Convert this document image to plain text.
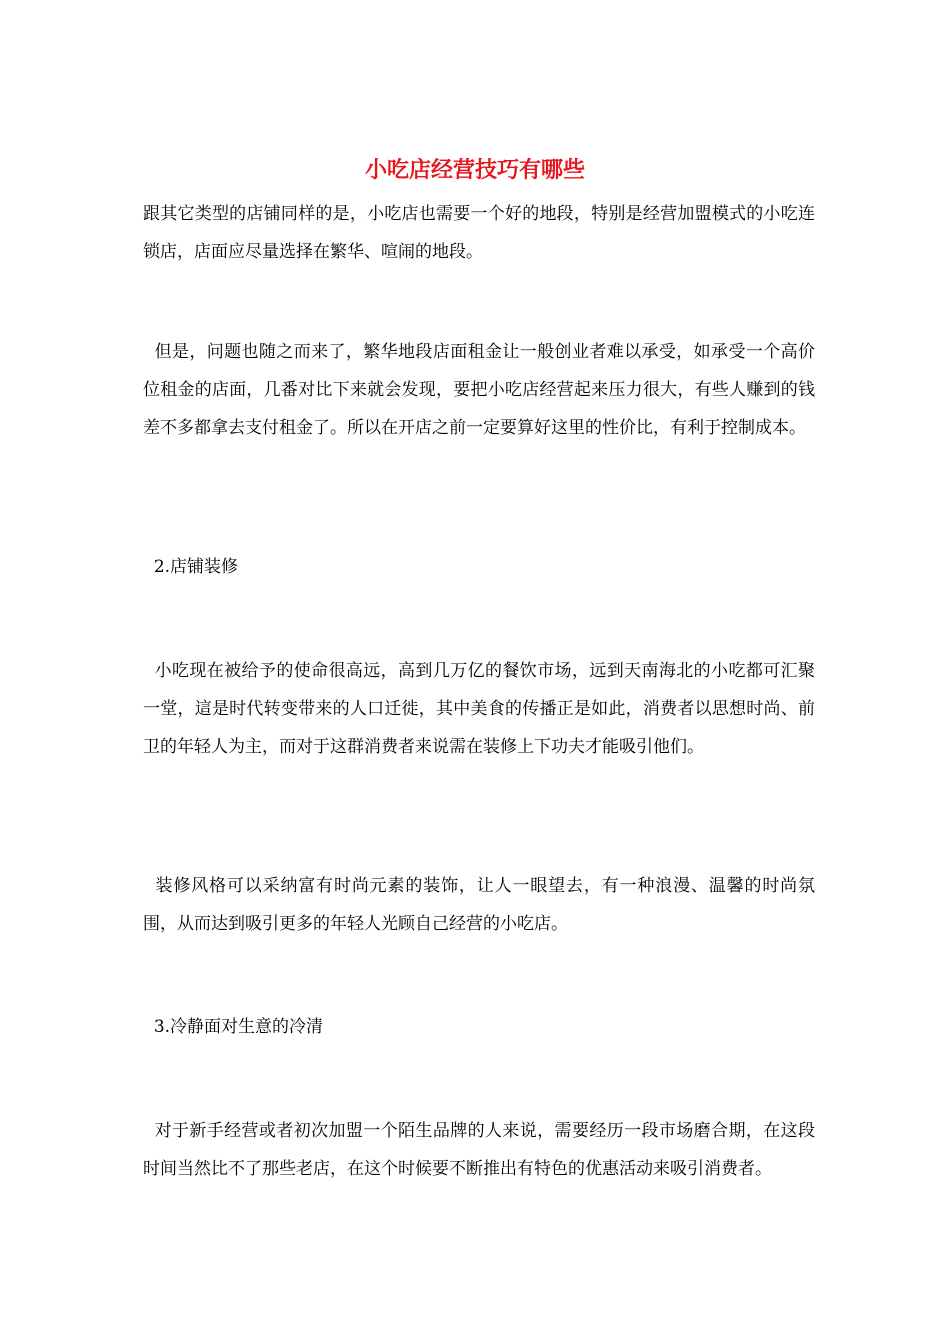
小吃店经营技巧有哪些
跟其它类型的店铺同样的是，小吃店也需要一个好的地段，特别是经营加盟模式的小吃连锁店，店面应尽量选择在繁华、喧闹的地段。
但是，问题也随之而来了，繁华地段店面租金让一般创业者难以承受，如承受一个高价位租金的店面，几番对比下来就会发现，要把小吃店经营起来压力很大，有些人赚到的钱差不多都拿去支付租金了。所以在开店之前一定要算好这里的性价比，有利于控制成本。
2.店铺装修
小吃现在被给予的使命很高远，高到几万亿的餐饮市场，远到天南海北的小吃都可汇聚一堂，這是时代转变带来的人口迁徙，其中美食的传播正是如此，消费者以思想时尚、前卫的年轻人为主，而对于这群消费者来说需在装修上下功夫才能吸引他们。
装修风格可以采纳富有时尚元素的装饰，让人一眼望去，有一种浪漫、温馨的时尚氛围，从而达到吸引更多的年轻人光顾自己经营的小吃店。
3.冷静面对生意的冷清
对于新手经营或者初次加盟一个陌生品牌的人来说，需要经历一段市场磨合期，在这段时间当然比不了那些老店，在这个时候要不断推出有特色的优惠活动来吸引消费者。
